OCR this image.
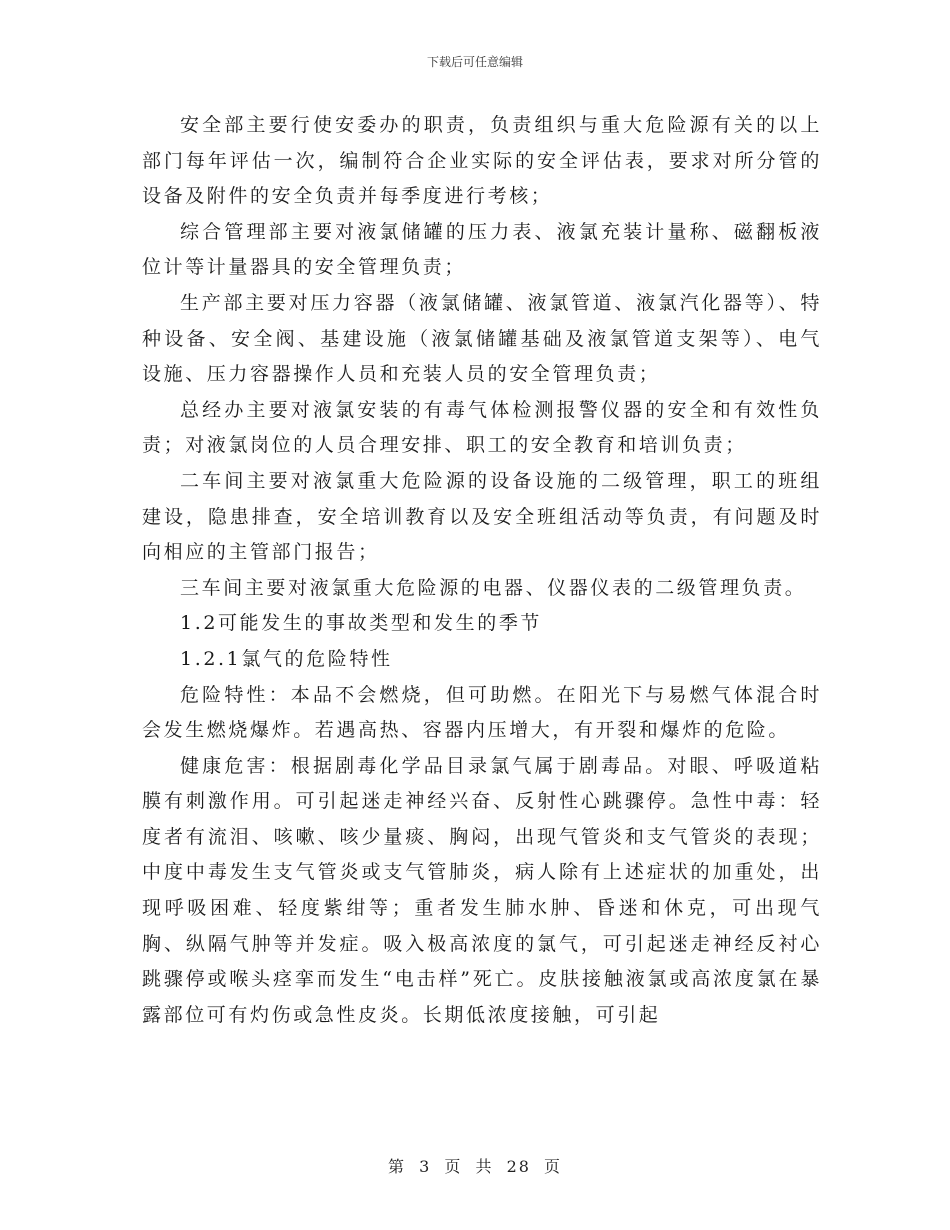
下载后可任意编辑

安全部主要行使安委办的职责，负责组织与重大危险源有关的以上部门每年评估一次，编制符合企业实际的安全评估表，要求对所分管的设备及附件的安全负责并每季度进行考核；

综合管理部主要对液氯储罐的压力表、液氯充装计量称、磁翻板液位计等计量器具的安全管理负责；

生产部主要对压力容器（液氯储罐、液氯管道、液氯汽化器等）、特种设备、安全阀、基建设施（液氯储罐基础及液氯管道支架等）、电气设施、压力容器操作人员和充装人员的安全管理负责；

总经办主要对液氯安装的有毒气体检测报警仪器的安全和有效性负责；对液氯岗位的人员合理安排、职工的安全教育和培训负责；

二车间主要对液氯重大危险源的设备设施的二级管理，职工的班组建设，隐患排查，安全培训教育以及安全班组活动等负责，有问题及时向相应的主管部门报告；

三车间主要对液氯重大危险源的电器、仪器仪表的二级管理负责。

1.2可能发生的事故类型和发生的季节

1.2.1氯气的危险特性

危险特性：本品不会燃烧，但可助燃。在阳光下与易燃气体混合时会发生燃烧爆炸。若遇高热、容器内压增大，有开裂和爆炸的危险。

健康危害：根据剧毒化学品目录氯气属于剧毒品。对眼、呼吸道粘膜有刺激作用。可引起迷走神经兴奋、反射性心跳骤停。急性中毒：轻度者有流泪、咳嗽、咳少量痰、胸闷，出现气管炎和支气管炎的表现；中度中毒发生支气管炎或支气管肺炎，病人除有上述症状的加重处，出现呼吸困难、轻度紫绀等；重者发生肺水肿、昏迷和休克，可出现气胸、纵隔气肿等并发症。吸入极高浓度的氯气，可引起迷走神经反衬心跳骤停或喉头痉挛而发生“电击样”死亡。皮肤接触液氯或高浓度氯在暴露部位可有灼伤或急性皮炎。长期低浓度接触，可引起

第 3 页 共 28 页
